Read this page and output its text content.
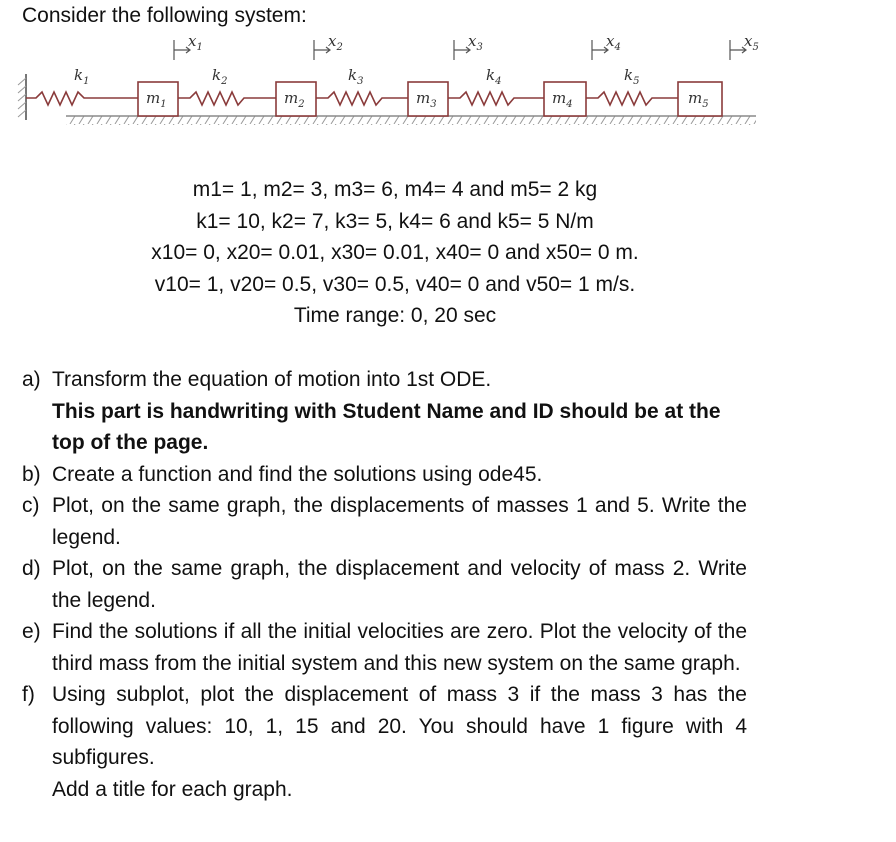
Consider the following system:
$m_1$	$m_2$	$m_3$	$m_4$	$m_5$
$k_1$	$k_2$	$k_3$	$k_4$	$k_5$
$x_1$	$x_2$	$x_3$	$x_4$	$x_5$
m1= 1, m2= 3, m3= 6, m4= 4 and m5= 2 kg
k1= 10, k2= 7, k3= 5, k4= 6 and k5= 5 N/m
x10= 0, x20= 0.01, x30= 0.01, x40= 0 and x50= 0 m.
v10= 1, v20= 0.5, v30= 0.5, v40= 0 and v50= 1 m/s.
Time range: 0, 20 sec
a) Transform the equation of motion into 1st ODE.
This part is handwriting with Student Name and ID should be at the top of the page.
b) Create a function and find the solutions using ode45.
c) Plot, on the same graph, the displacements of masses 1 and 5. Write the legend.
d) Plot, on the same graph, the displacement and velocity of mass 2. Write the legend.
e) Find the solutions if all the initial velocities are zero. Plot the velocity of the third mass from the initial system and this new system on the same graph.
f) Using subplot, plot the displacement of mass 3 if the mass 3 has the following values: 10, 1, 15 and 20. You should have 1 figure with 4 subfigures.
Add a title for each graph.
